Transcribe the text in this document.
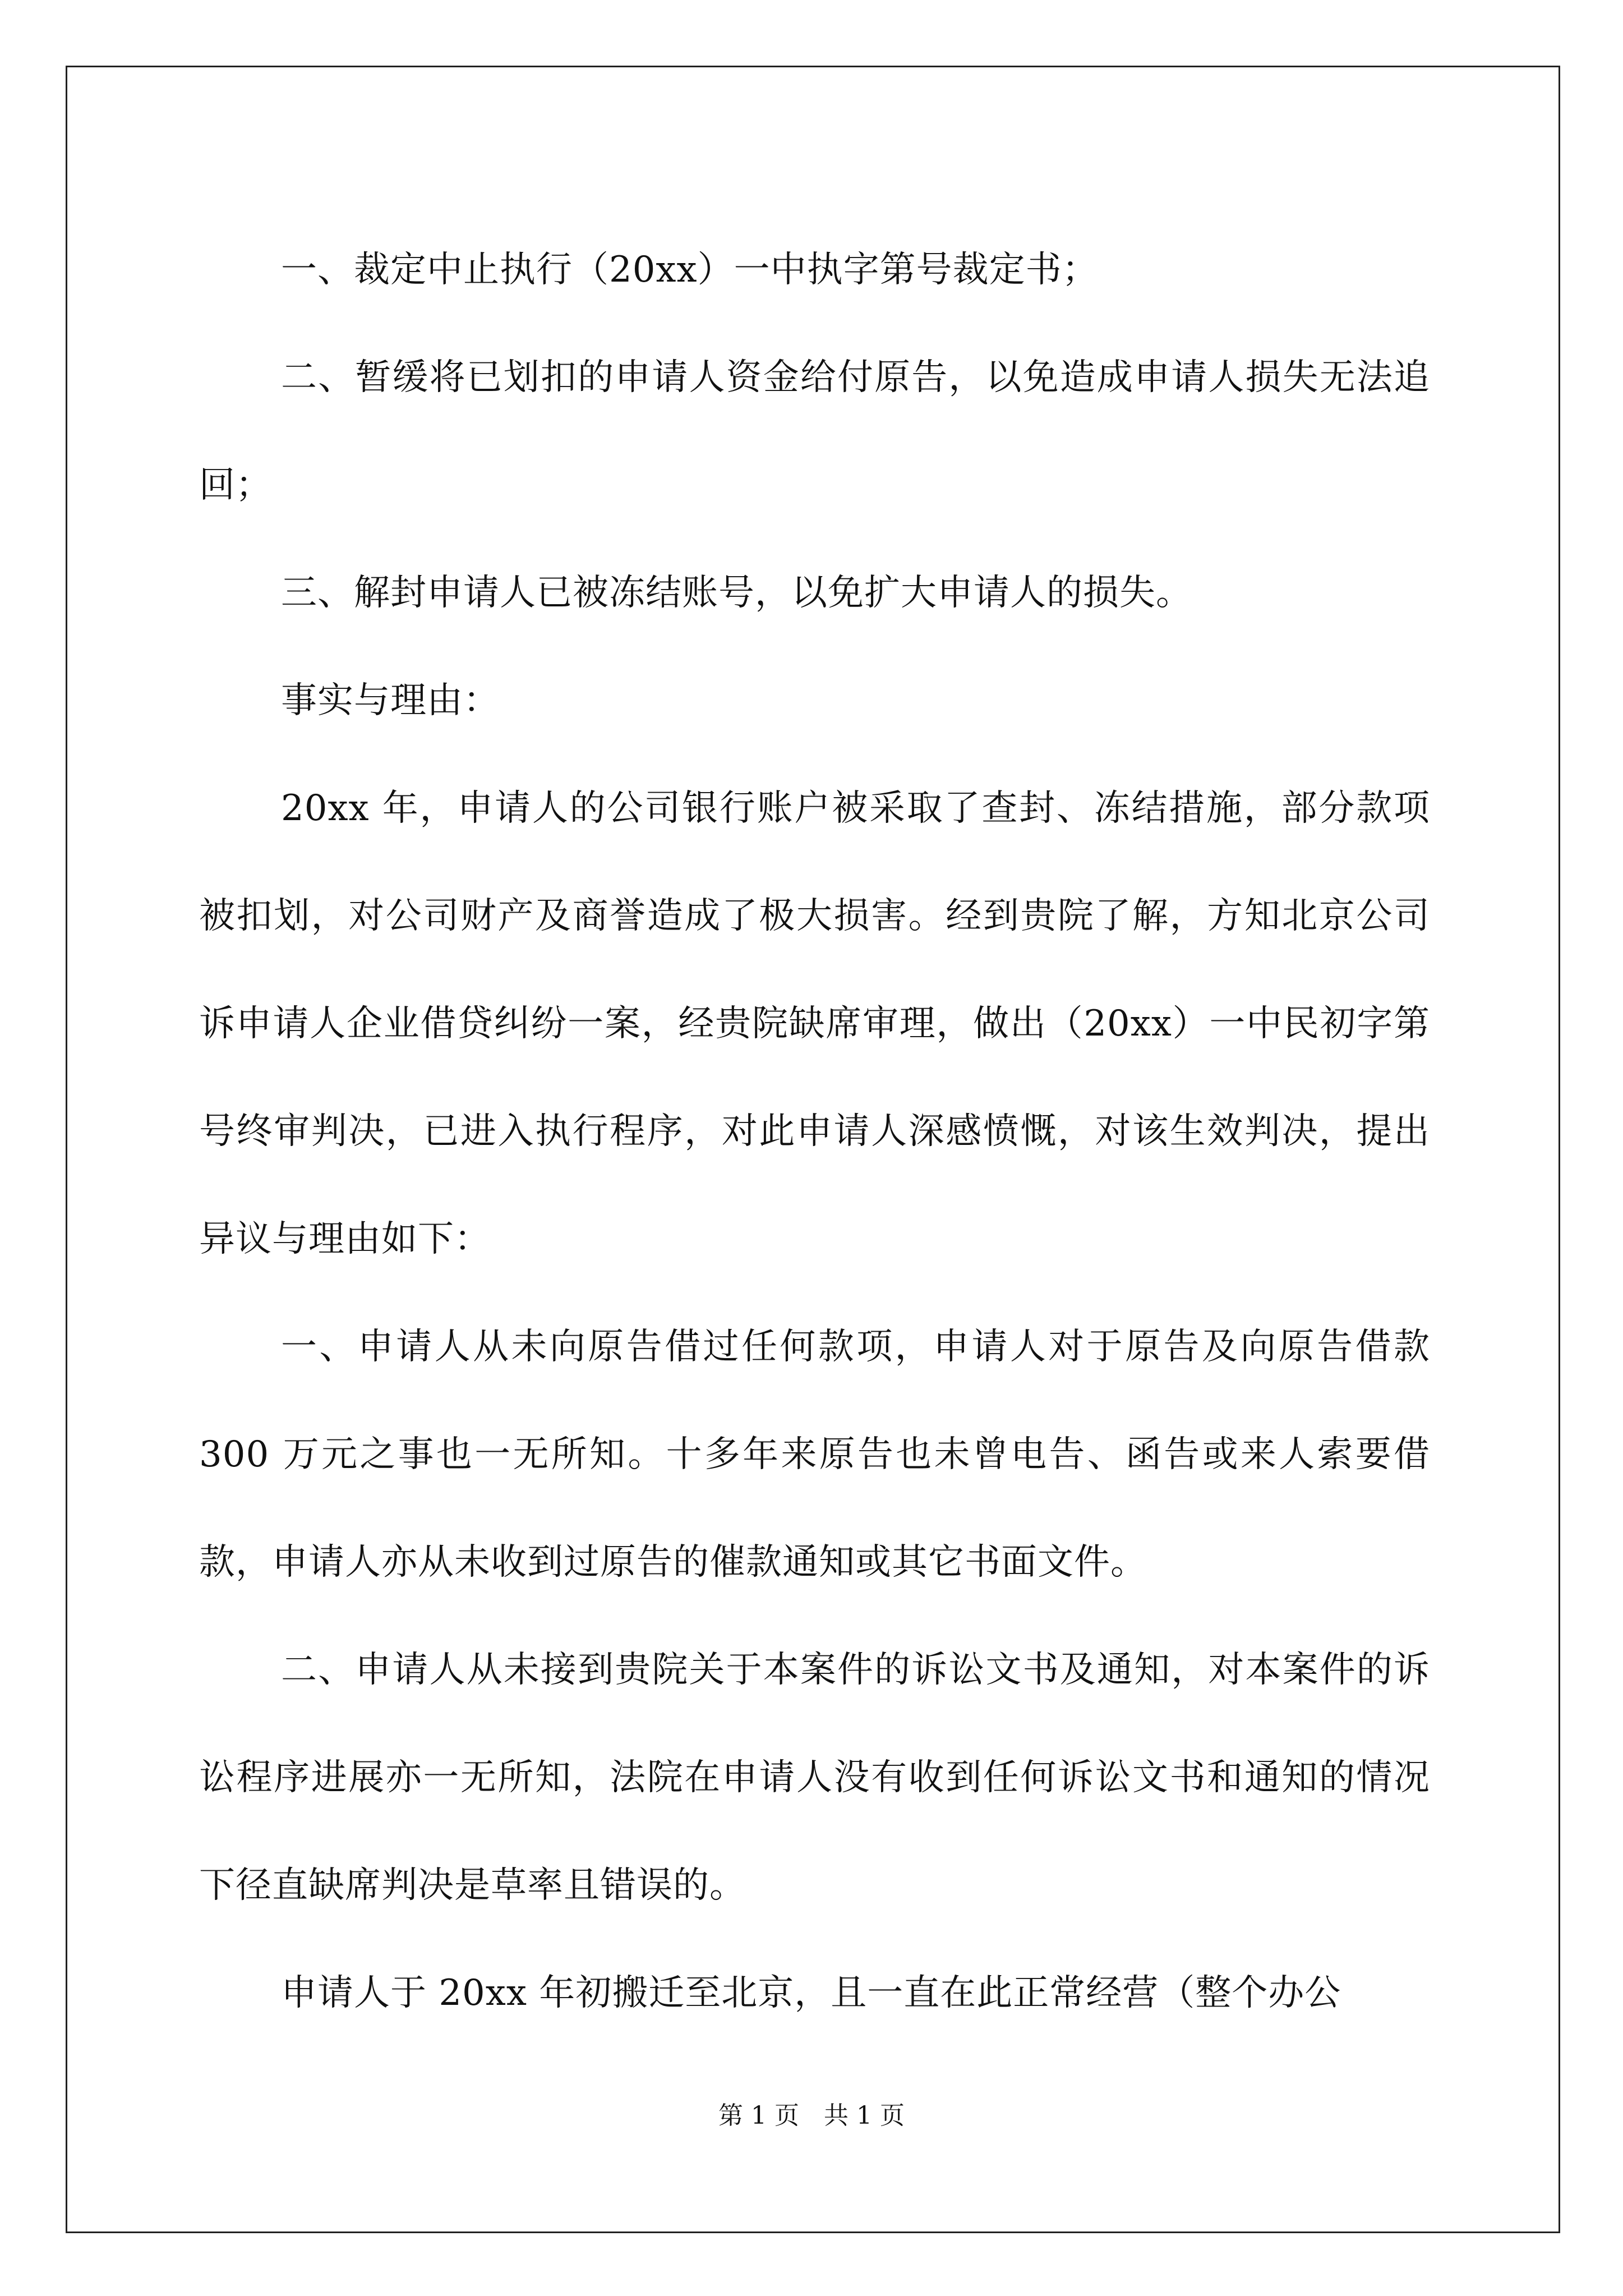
一、裁定中止执行（20xx）一中执字第号裁定书；

二、暂缓将已划扣的申请人资金给付原告，以免造成申请人损失无法追回；

三、解封申请人已被冻结账号，以免扩大申请人的损失。

事实与理由：

20xx 年，申请人的公司银行账户被采取了查封、冻结措施，部分款项被扣划，对公司财产及商誉造成了极大损害。经到贵院了解，方知北京公司诉申请人企业借贷纠纷一案，经贵院缺席审理，做出（20xx）一中民初字第号终审判决，已进入执行程序，对此申请人深感愤慨，对该生效判决，提出异议与理由如下：

一、申请人从未向原告借过任何款项，申请人对于原告及向原告借款 300 万元之事也一无所知。十多年来原告也未曾电告、函告或来人索要借款，申请人亦从未收到过原告的催款通知或其它书面文件。

二、申请人从未接到贵院关于本案件的诉讼文书及通知，对本案件的诉讼程序进展亦一无所知，法院在申请人没有收到任何诉讼文书和通知的情况下径直缺席判决是草率且错误的。

申请人于 20xx 年初搬迁至北京，且一直在此正常经营（整个办公

第 1 页　共 1 页
